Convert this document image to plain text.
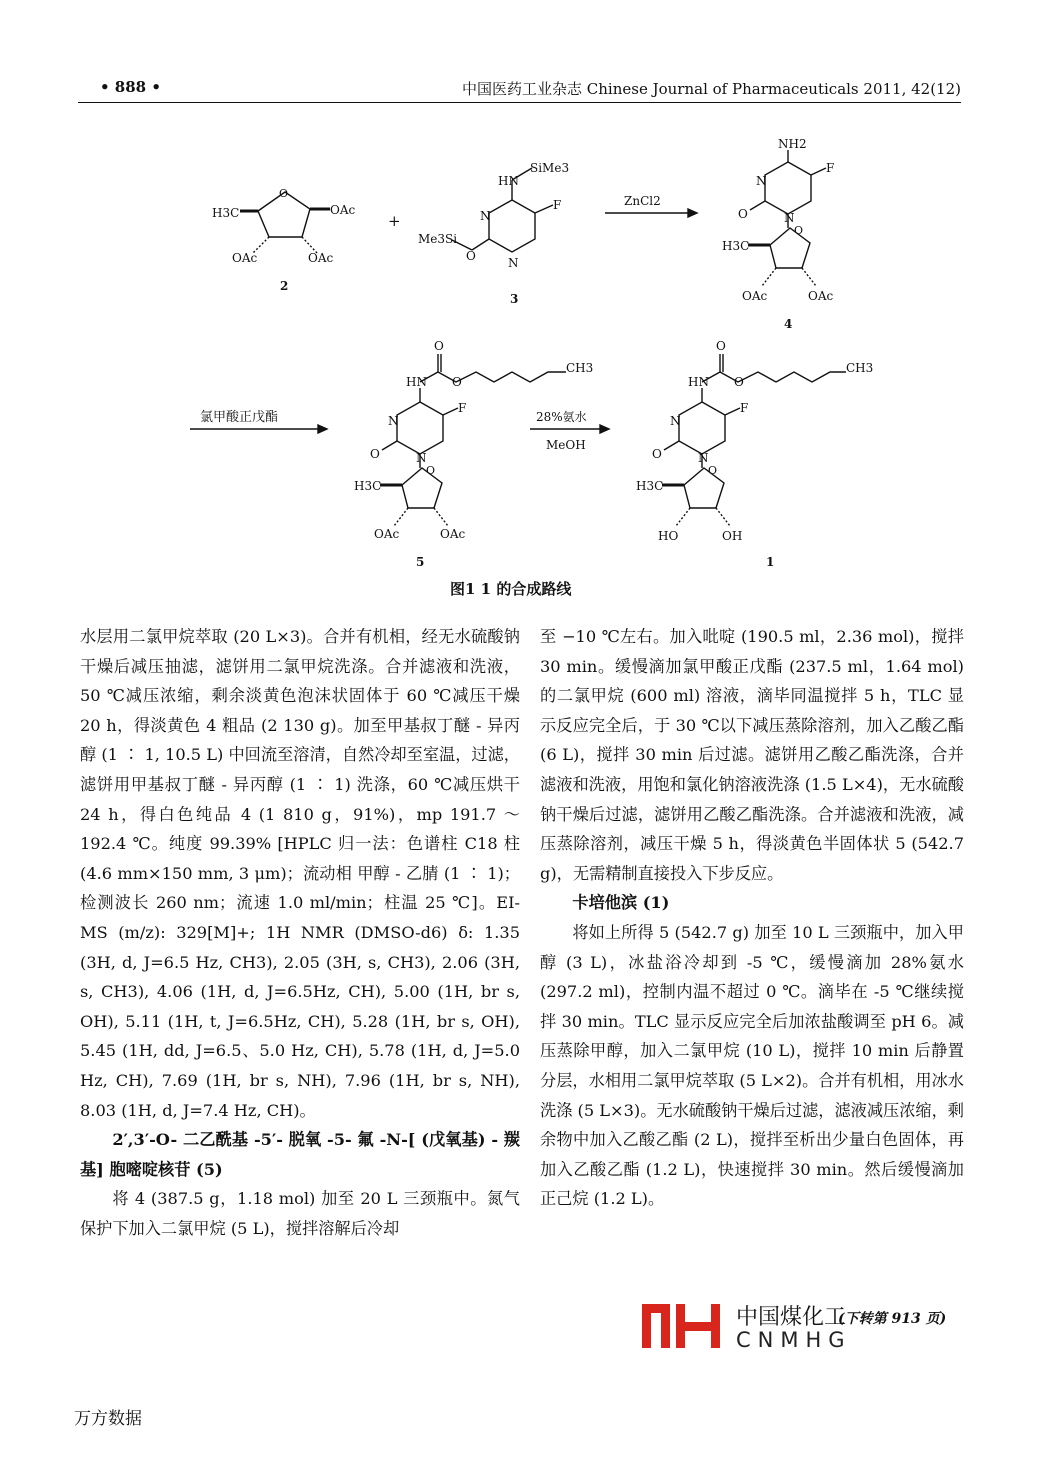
• 888 •	中国医药工业杂志 Chinese Journal of Pharmaceuticals 2011, 42(12)
H3C	OAc
OAc	OAc
O
2
+
HN
SiMe3
F
Me3Si
O
N
N
3
ZnCl2
NH2
F
N
O	N
H3C
O
OAc	OAc
4
氯甲酸正戊酯
O
HN O
CH3
N
F
O	N
H3C
O
OAc	OAc
5
28%氨水
MeOH
O
HN O
CH3
N
F
O	N
H3C
O
HO	OH
1
图1 1 的合成路线

水层用二氯甲烷萃取 (20 L×3)。合并有机相，经无水硫酸钠干燥后减压抽滤，滤饼用二氯甲烷洗涤。合并滤液和洗液，50 ℃减压浓缩，剩余淡黄色泡沫状固体于 60 ℃减压干燥 20 h，得淡黄色 4 粗品 (2 130 g)。加至甲基叔丁醚 - 异丙醇 (1 ∶ 1, 10.5 L) 中回流至溶清，自然冷却至室温，过滤，滤饼用甲基叔丁醚 - 异丙醇 (1 ∶ 1) 洗涤，60 ℃减压烘干 24 h，得白色纯品 4 (1 810 g，91%)，mp 191.7 ～ 192.4 ℃。纯度 99.39% [HPLC 归一法：色谱柱 C18 柱 (4.6 mm×150 mm, 3 μm)；流动相 甲醇 - 乙腈 (1 ∶ 1)；检测波长 260 nm；流速 1.0 ml/min；柱温 25 ℃]。EI-MS (m/z): 329[M]+; 1H NMR (DMSO-d6) δ: 1.35 (3H, d, J=6.5 Hz, CH3), 2.05 (3H, s, CH3), 2.06 (3H, s, CH3), 4.06 (1H, d, J=6.5Hz, CH), 5.00 (1H, br s, OH), 5.11 (1H, t, J=6.5Hz, CH), 5.28 (1H, br s, OH), 5.45 (1H, dd, J=6.5、5.0 Hz, CH), 5.78 (1H, d, J=5.0 Hz, CH), 7.69 (1H, br s, NH), 7.96 (1H, br s, NH), 8.03 (1H, d, J=7.4 Hz, CH)。

2′,3′-O- 二乙酰基 -5′- 脱氧 -5- 氟 -N-[ (戊氧基) - 羰基] 胞嘧啶核苷 (5)

将 4 (387.5 g，1.18 mol) 加至 20 L 三颈瓶中。氮气保护下加入二氯甲烷 (5 L)，搅拌溶解后冷却

至 −10 ℃左右。加入吡啶 (190.5 ml，2.36 mol)，搅拌 30 min。缓慢滴加氯甲酸正戊酯 (237.5 ml，1.64 mol) 的二氯甲烷 (600 ml) 溶液，滴毕同温搅拌 5 h，TLC 显示反应完全后，于 30 ℃以下减压蒸除溶剂，加入乙酸乙酯 (6 L)，搅拌 30 min 后过滤。滤饼用乙酸乙酯洗涤，合并滤液和洗液，用饱和氯化钠溶液洗涤 (1.5 L×4)，无水硫酸钠干燥后过滤，滤饼用乙酸乙酯洗涤。合并滤液和洗液，减压蒸除溶剂，减压干燥 5 h，得淡黄色半固体状 5 (542.7 g)，无需精制直接投入下步反应。

卡培他滨 (1)

将如上所得 5 (542.7 g) 加至 10 L 三颈瓶中，加入甲醇 (3 L)，冰盐浴冷却到 -5 ℃，缓慢滴加 28%氨水 (297.2 ml)，控制内温不超过 0 ℃。滴毕在 -5 ℃继续搅拌 30 min。TLC 显示反应完全后加浓盐酸调至 pH 6。减压蒸除甲醇，加入二氯甲烷 (10 L)，搅拌 10 min 后静置分层，水相用二氯甲烷萃取 (5 L×2)。合并有机相，用冰水洗涤 (5 L×3)。无水硫酸钠干燥后过滤，滤液减压浓缩，剩余物中加入乙酸乙酯 (2 L)，搅拌至析出少量白色固体，再加入乙酸乙酯 (1.2 L)，快速搅拌 30 min。然后缓慢滴加正己烷 (1.2 L)。

中国煤化工
CNMHG
(下转第 913 页)
万方数据
